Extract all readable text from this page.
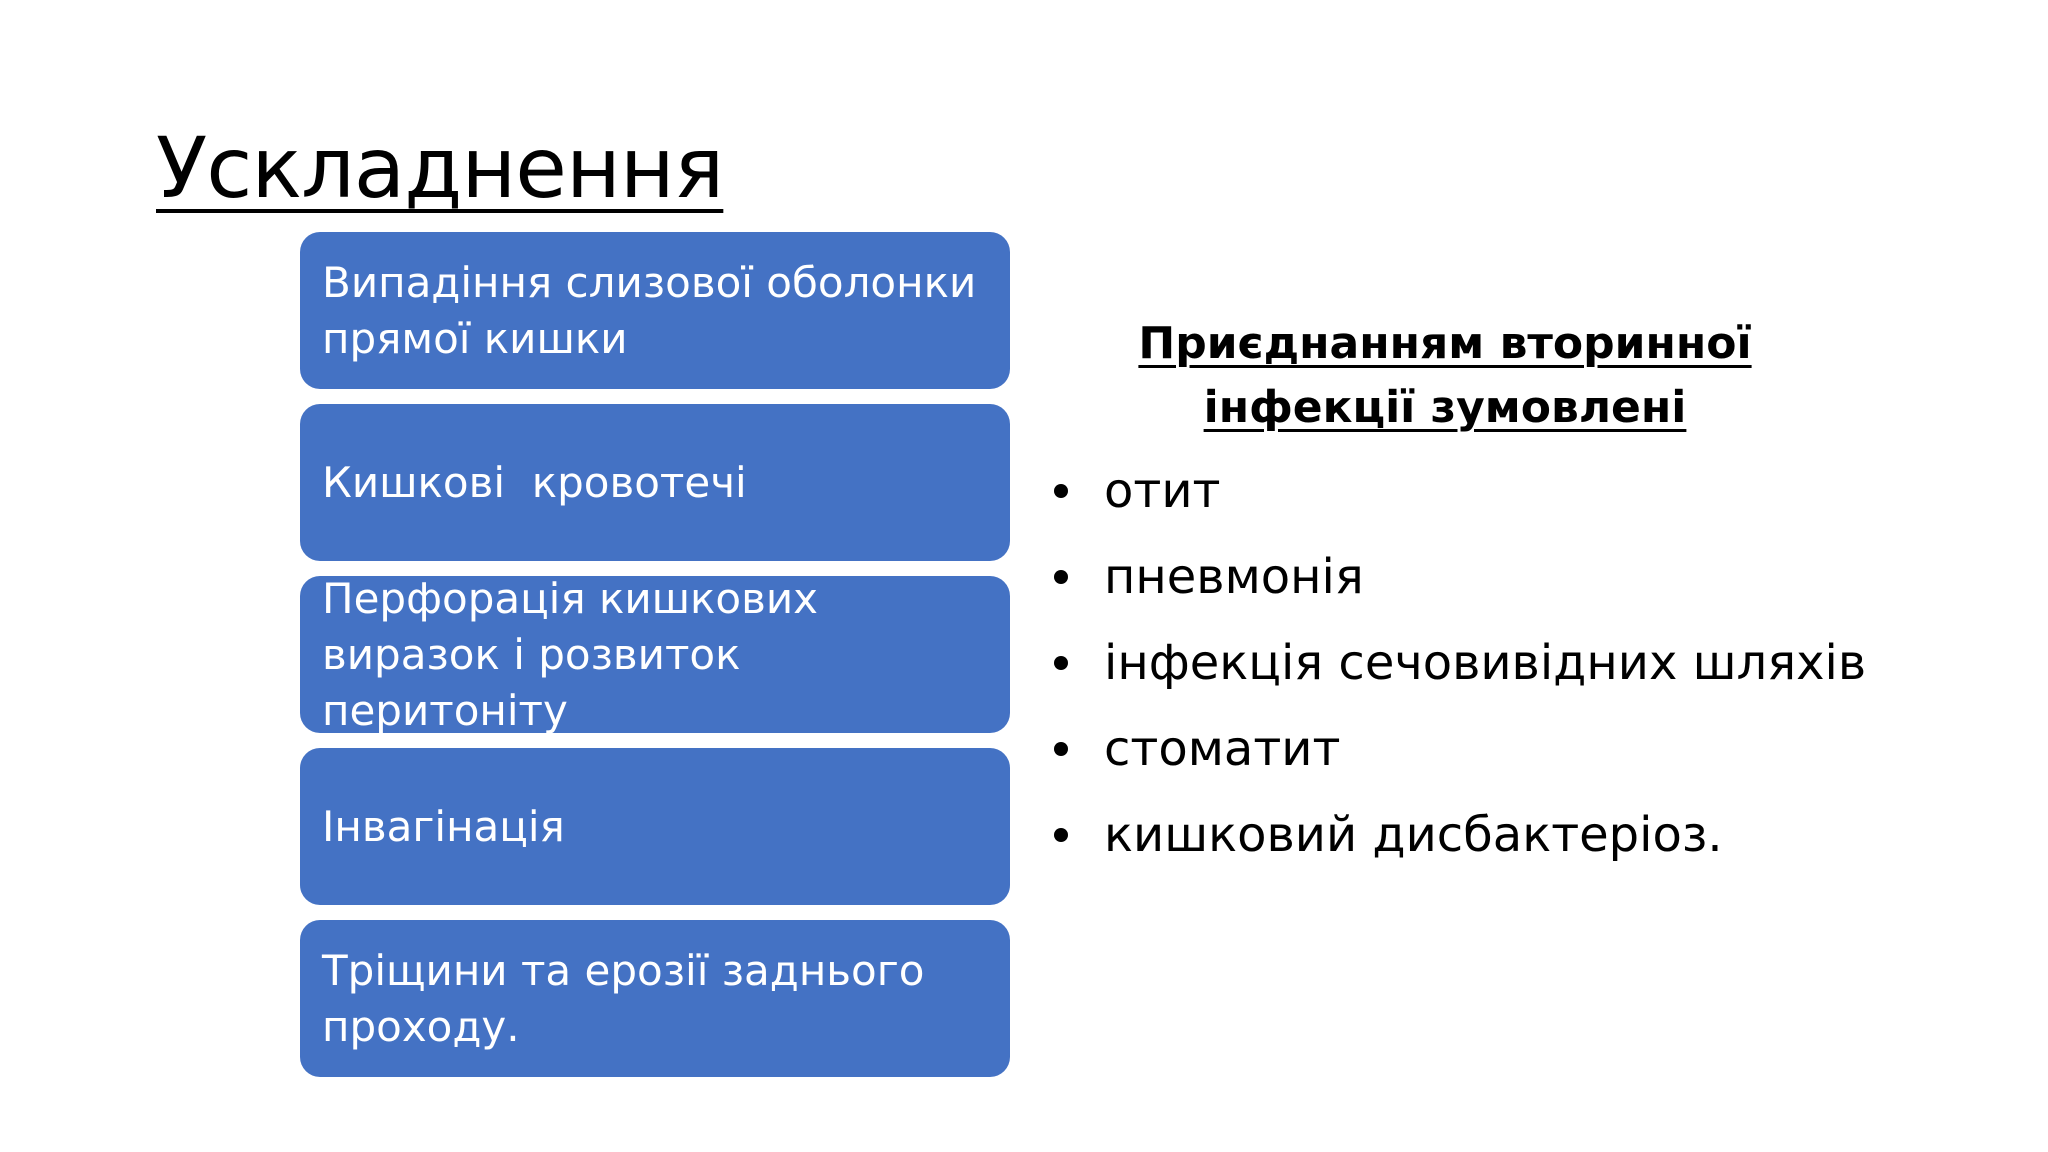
Ускладнення
Випадіння слизової оболонки прямої кишки
Кишкові  кровотечі
Перфорація кишкових виразок і розвиток перитоніту
Інвагінація
Тріщини та ерозії заднього проходу.

Приєднанням вторинної інфекції зумовлені

отит
пневмонія
інфекція сечовивідних шляхів
стоматит
кишковий дисбактеріоз.
